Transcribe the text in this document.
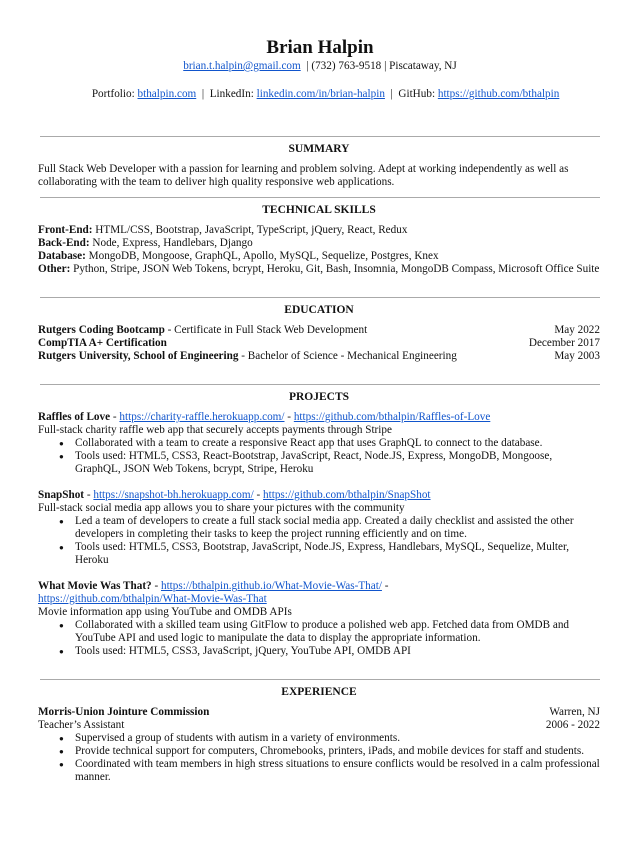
Brian Halpin
brian.t.halpin@gmail.com  | (732) 763-9518 | Piscataway, NJ

Portfolio: bthalpin.com  |  LinkedIn: linkedin.com/in/brian-halpin  |  GitHub: https://github.com/bthalpin

SUMMARY
Full Stack Web Developer with a passion for learning and problem solving. Adept at working independently as well as collaborating with the team to deliver high quality responsive web applications.
TECHNICAL SKILLS
Front-End: HTML/CSS, Bootstrap, JavaScript, TypeScript, jQuery, React, Redux
Back-End: Node, Express, Handlebars, Django
Database: MongoDB, Mongoose, GraphQL, Apollo, MySQL, Sequelize, Postgres, Knex
Other: Python, Stripe, JSON Web Tokens, bcrypt, Heroku, Git, Bash, Insomnia, MongoDB Compass, Microsoft Office Suite
EDUCATION
Rutgers Coding Bootcamp - Certificate in Full Stack Web Development	May 2022
CompTIA A+ Certification	December 2017
Rutgers University, School of Engineering - Bachelor of Science - Mechanical Engineering	May 2003
PROJECTS
Raffles of Love - https://charity-raffle.herokuapp.com/ - https://github.com/bthalpin/Raffles-of-Love
Full-stack charity raffle web app that securely accepts payments through Stripe
● Collaborated with a team to create a responsive React app that uses GraphQL to connect to the database.
● Tools used: HTML5, CSS3, React-Bootstrap, JavaScript, React, Node.JS, Express, MongoDB, Mongoose, GraphQL, JSON Web Tokens, bcrypt, Stripe, Heroku
SnapShot - https://snapshot-bh.herokuapp.com/ - https://github.com/bthalpin/SnapShot
Full-stack social media app allows you to share your pictures with the community
● Led a team of developers to create a full stack social media app. Created a daily checklist and assisted the other developers in completing their tasks to keep the project running efficiently and on time.
● Tools used: HTML5, CSS3, Bootstrap, JavaScript, Node.JS, Express, Handlebars, MySQL, Sequelize, Multer, Heroku
What Movie Was That? - https://bthalpin.github.io/What-Movie-Was-That/ -
https://github.com/bthalpin/What-Movie-Was-That
Movie information app using YouTube and OMDB APIs
● Collaborated with a skilled team using GitFlow to produce a polished web app. Fetched data from OMDB and YouTube API and used logic to manipulate the data to display the appropriate information.
● Tools used: HTML5, CSS3, JavaScript, jQuery, YouTube API, OMDB API
EXPERIENCE
Morris-Union Jointure Commission	Warren, NJ
Teacher’s Assistant	2006 - 2022
● Supervised a group of students with autism in a variety of environments.
● Provide technical support for computers, Chromebooks, printers, iPads, and mobile devices for staff and students.
● Coordinated with team members in high stress situations to ensure conflicts would be resolved in a calm professional manner.
